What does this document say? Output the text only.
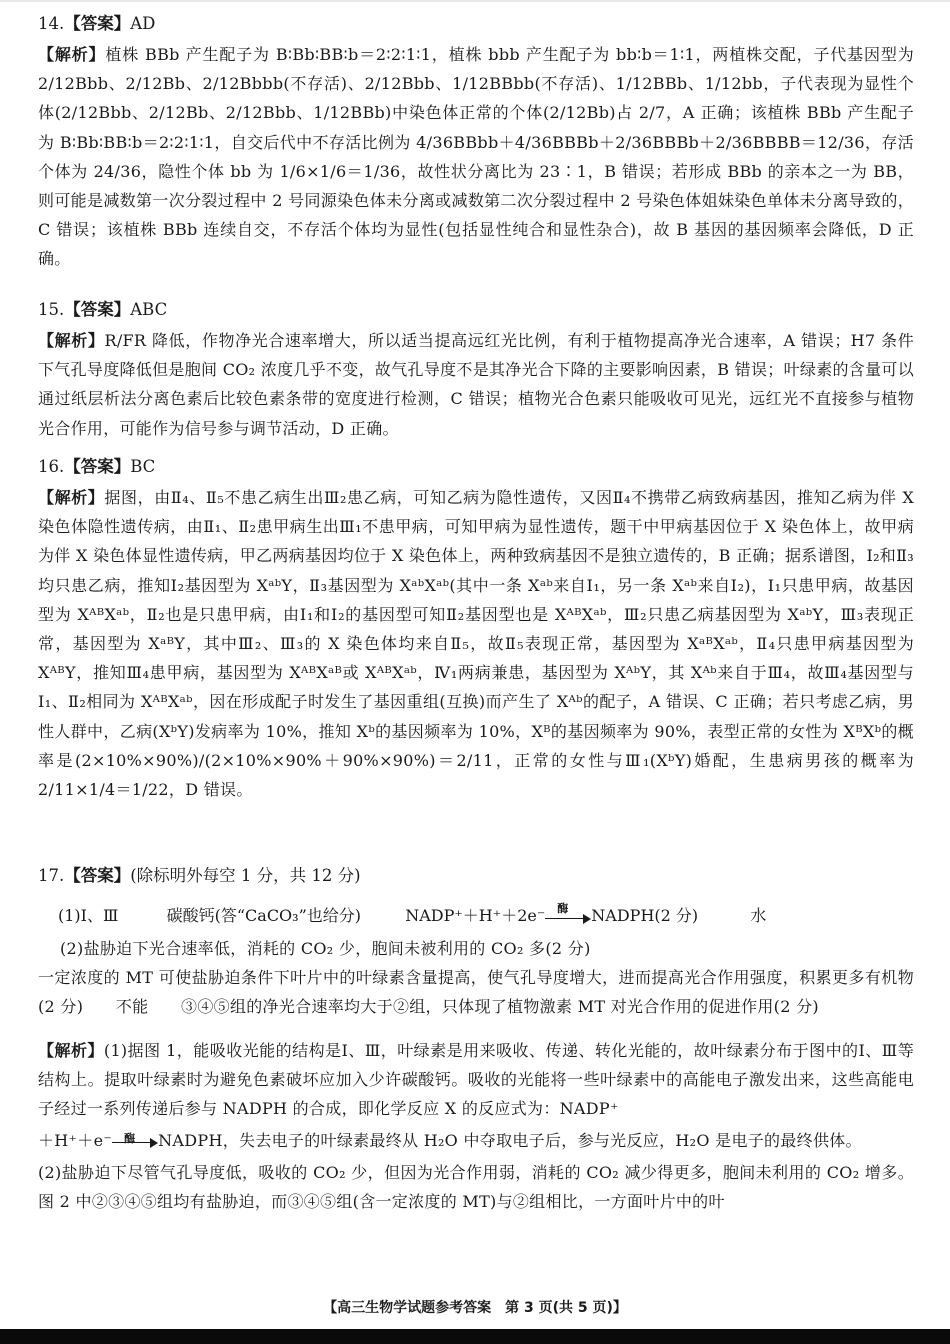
14.【答案】AD

【解析】植株 BBb 产生配子为 B∶Bb∶BB∶b＝2∶2∶1∶1，植株 bbb 产生配子为 bb∶b＝1∶1，两植株交配，子代基因型为 2/12Bbb、2/12Bb、2/12Bbbb(不存活)、2/12Bbb、1/12BBbb(不存活)、1/12BBb、1/12bb，子代表现为显性个体(2/12Bbb、2/12Bb、2/12Bbb、1/12BBb)中染色体正常的个体(2/12Bb)占 2/7，A 正确；该植株 BBb 产生配子为 B∶Bb∶BB∶b＝2∶2∶1∶1，自交后代中不存活比例为 4/36BBbb＋4/36BBBb＋2/36BBBb＋2/36BBBB＝12/36，存活个体为 24/36，隐性个体 bb 为 1/6×1/6＝1/36，故性状分离比为 23∶1，B 错误；若形成 BBb 的亲本之一为 BB，则可能是减数第一次分裂过程中 2 号同源染色体未分离或减数第二次分裂过程中 2 号染色体姐妹染色单体未分离导致的，C 错误；该植株 BBb 连续自交，不存活个体均为显性(包括显性纯合和显性杂合)，故 B 基因的基因频率会降低，D 正确。

15.【答案】ABC

【解析】R/FR 降低，作物净光合速率增大，所以适当提高远红光比例，有利于植物提高净光合速率，A 错误；H7 条件下气孔导度降低但是胞间 CO₂ 浓度几乎不变，故气孔导度不是其净光合下降的主要影响因素，B 错误；叶绿素的含量可以通过纸层析法分离色素后比较色素条带的宽度进行检测，C 错误；植物光合色素只能吸收可见光，远红光不直接参与植物光合作用，可能作为信号参与调节活动，D 正确。

16.【答案】BC

【解析】据图，由Ⅱ₄、Ⅱ₅不患乙病生出Ⅲ₂患乙病，可知乙病为隐性遗传，又因Ⅱ₄不携带乙病致病基因，推知乙病为伴 X 染色体隐性遗传病，由Ⅱ₁、Ⅱ₂患甲病生出Ⅲ₁不患甲病，可知甲病为显性遗传，题干中甲病基因位于 X 染色体上，故甲病为伴 X 染色体显性遗传病，甲乙两病基因均位于 X 染色体上，两种致病基因不是独立遗传的，B 正确；据系谱图，Ⅰ₂和Ⅱ₃均只患乙病，推知Ⅰ₂基因型为 XᵃᵇY，Ⅱ₃基因型为 XᵃᵇXᵃᵇ(其中一条 Xᵃᵇ来自Ⅰ₁，另一条 Xᵃᵇ来自Ⅰ₂)，Ⅰ₁只患甲病，故基因型为 XᴬᴮXᵃᵇ，Ⅱ₂也是只患甲病，由Ⅰ₁和Ⅰ₂的基因型可知Ⅱ₂基因型也是 XᴬᴮXᵃᵇ，Ⅲ₂只患乙病基因型为 XᵃᵇY，Ⅲ₃表现正常，基因型为 XᵃᴮY，其中Ⅲ₂、Ⅲ₃的 X 染色体均来自Ⅱ₅，故Ⅱ₅表现正常，基因型为 XᵃᴮXᵃᵇ，Ⅱ₄只患甲病基因型为 XᴬᴮY，推知Ⅲ₄患甲病，基因型为 XᴬᴮXᵃᴮ或 XᴬᴮXᵃᵇ，Ⅳ₁两病兼患，基因型为 XᴬᵇY，其 Xᴬᵇ来自于Ⅲ₄，故Ⅲ₄基因型与Ⅰ₁、Ⅱ₂相同为 XᴬᴮXᵃᵇ，因在形成配子时发生了基因重组(互换)而产生了 Xᴬᵇ的配子，A 错误、C 正确；若只考虑乙病，男性人群中，乙病(XᵇY)发病率为 10%，推知 Xᵇ的基因频率为 10%，Xᴮ的基因频率为 90%，表型正常的女性为 XᴮXᵇ的概率是(2×10%×90%)/(2×10%×90%＋90%×90%)＝2/11，正常的女性与Ⅲ₁(XᵇY)婚配，生患病男孩的概率为 2/11×1/4＝1/22，D 错误。

17.【答案】(除标明外每空 1 分，共 12 分)
(1)Ⅰ、Ⅲ	碳酸钙(答“CaCO₃”也给分)	NADP⁺＋H⁺＋2e⁻ 酶 NADPH(2 分)	水

(2)盐胁迫下光合速率低，消耗的 CO₂ 少，胞间未被利用的 CO₂ 多(2 分)

一定浓度的 MT 可使盐胁迫条件下叶片中的叶绿素含量提高，使气孔导度增大，进而提高光合作用强度，积累更多有机物(2 分)　　不能　　③④⑤组的净光合速率均大于②组，只体现了植物激素 MT 对光合作用的促进作用(2 分)

【解析】(1)据图 1，能吸收光能的结构是Ⅰ、Ⅲ，叶绿素是用来吸收、传递、转化光能的，故叶绿素分布于图中的Ⅰ、Ⅲ等结构上。提取叶绿素时为避免色素破坏应加入少许碳酸钙。吸收的光能将一些叶绿素中的高能电子激发出来，这些高能电子经过一系列传递后参与 NADPH 的合成，即化学反应 X 的反应式为：NADP⁺

＋H⁺＋e⁻ 酶 NADPH，失去电子的叶绿素最终从 H₂O 中夺取电子后，参与光反应，H₂O 是电子的最终供体。

(2)盐胁迫下尽管气孔导度低，吸收的 CO₂ 少，但因为光合作用弱，消耗的 CO₂ 减少得更多，胞间未利用的 CO₂ 增多。图 2 中②③④⑤组均有盐胁迫，而③④⑤组(含一定浓度的 MT)与②组相比，一方面叶片中的叶

【高三生物学试题参考答案　第 3 页(共 5 页)】
